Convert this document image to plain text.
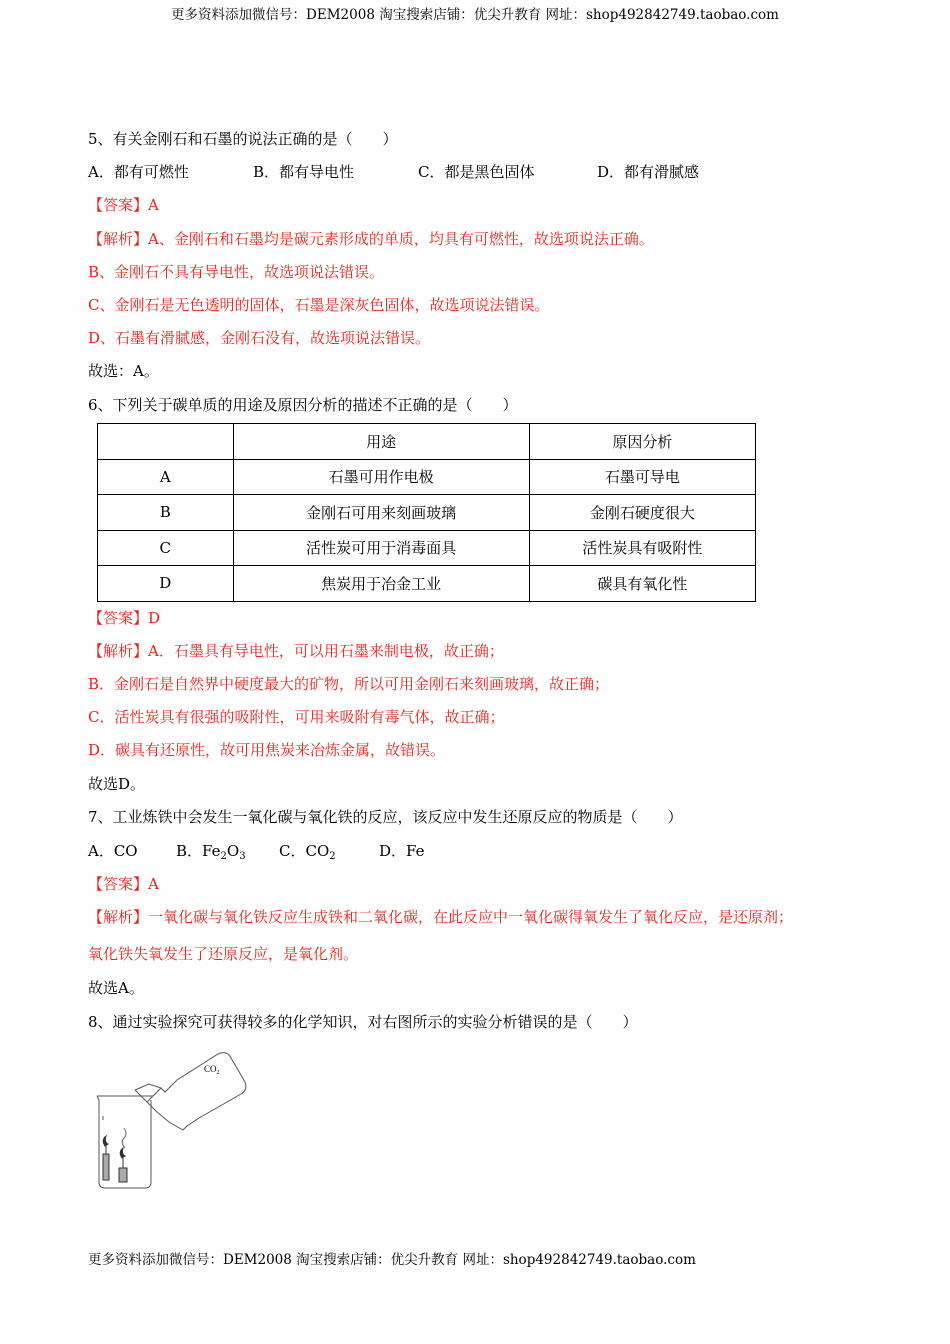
更多资料添加微信号：DEM2008 淘宝搜索店铺：优尖升教育 网址：shop492842749.taobao.com
5、有关金刚石和石墨的说法正确的是（　　）
A．都有可燃性	B．都有导电性	C．都是黑色固体	D．都有滑腻感
【答案】A
【解析】A、金刚石和石墨均是碳元素形成的单质，均具有可燃性，故选项说法正确。
B、金刚石不具有导电性，故选项说法错误。
C、金刚石是无色透明的固体，石墨是深灰色固体，故选项说法错误。
D、石墨有滑腻感，金刚石没有，故选项说法错误。
故选：A。
6、下列关于碳单质的用途及原因分析的描述不正确的是（　　）
	用途	原因分析
A	石墨可用作电极	石墨可导电
B	金刚石可用来刻画玻璃	金刚石硬度很大
C	活性炭可用于消毒面具	活性炭具有吸附性
D	焦炭用于冶金工业	碳具有氧化性
【答案】D
【解析】A．石墨具有导电性，可以用石墨来制电极，故正确；
B．金刚石是自然界中硬度最大的矿物，所以可用金刚石来刻画玻璃，故正确；
C．活性炭具有很强的吸附性，可用来吸附有毒气体，故正确；
D．碳具有还原性，故可用焦炭来冶炼金属，故错误。
故选D。
7、工业炼铁中会发生一氧化碳与氧化铁的反应，该反应中发生还原反应的物质是（　　）
A．CO	B．$Fe_2O_3$ C．$CO_2$	D．Fe
【答案】A
【解析】一氧化碳与氧化铁反应生成铁和二氧化碳，在此反应中一氧化碳得氧发生了氧化反应，是还原剂；
氧化铁失氧发生了还原反应，是氧化剂。
故选A。
8、通过实验探究可获得较多的化学知识，对右图所示的实验分析错误的是（　　）
$CO_2$
更多资料添加微信号：DEM2008 淘宝搜索店铺：优尖升教育 网址：shop492842749.taobao.com
